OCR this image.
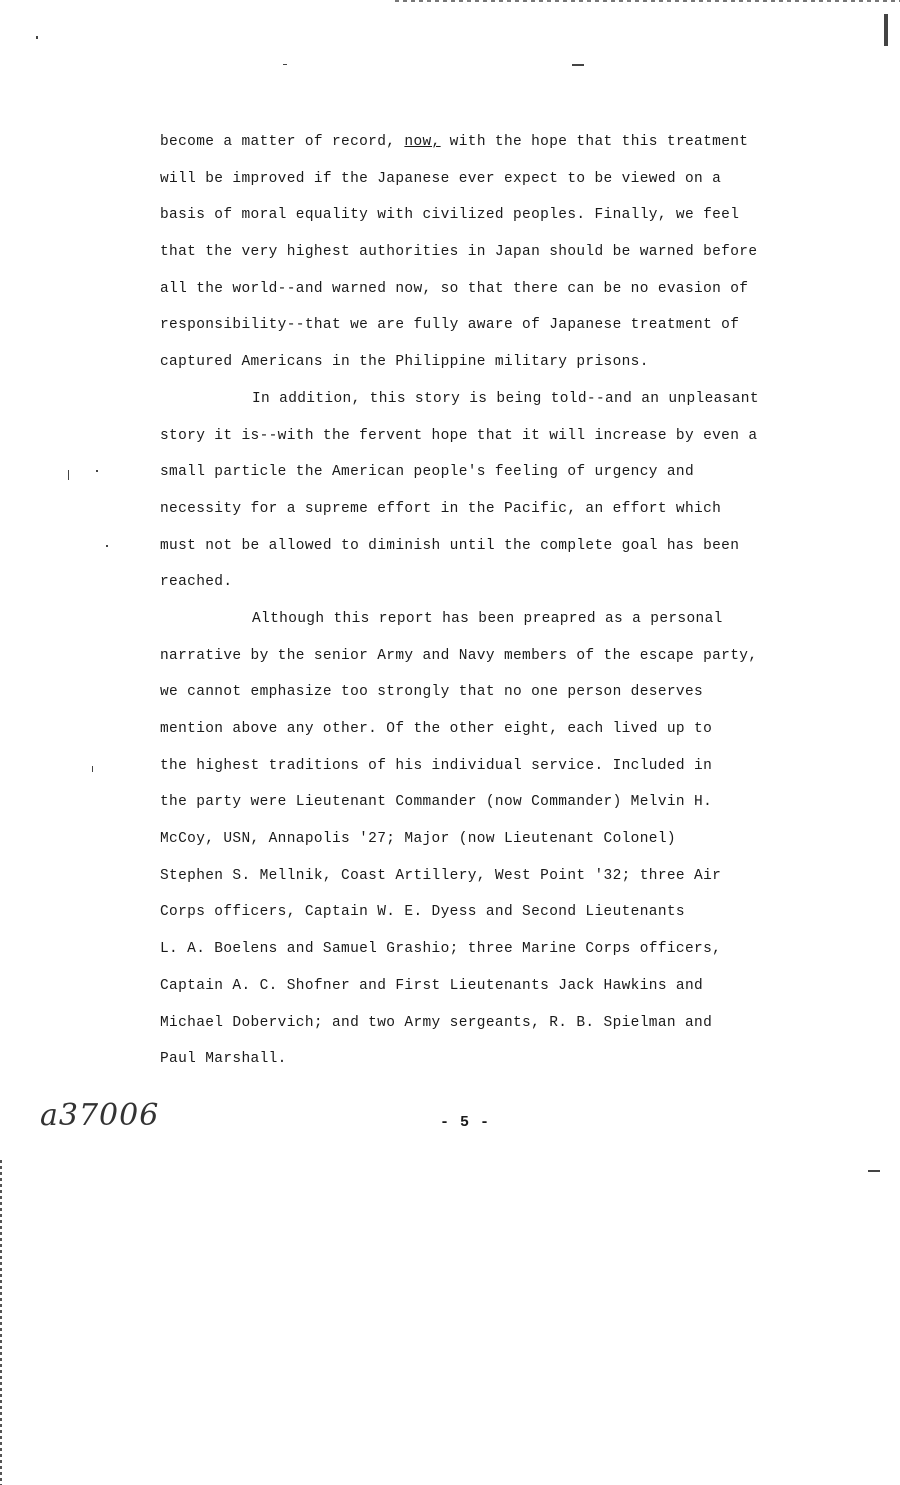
become a matter of record, now, with the hope that this treatment
will be improved if the Japanese ever expect to be viewed on a
basis of moral equality with civilized peoples. Finally, we feel
that the very highest authorities in Japan should be warned before
all the world--and warned now, so that there can be no evasion of
responsibility--that we are fully aware of Japanese treatment of
captured Americans in the Philippine military prisons.
In addition, this story is being told--and an unpleasant
story it is--with the fervent hope that it will increase by even a
small particle the American people's feeling of urgency and
necessity for a supreme effort in the Pacific, an effort which
must not be allowed to diminish until the complete goal has been
reached.
Although this report has been preapred as a personal
narrative by the senior Army and Navy members of the escape party,
we cannot emphasize too strongly that no one person deserves
mention above any other. Of the other eight, each lived up to
the highest traditions of his individual service. Included in
the party were Lieutenant Commander (now Commander) Melvin H.
McCoy, USN, Annapolis '27; Major (now Lieutenant Colonel)
Stephen S. Mellnik, Coast Artillery, West Point '32; three Air
Corps officers, Captain W. E. Dyess and Second Lieutenants
L. A. Boelens and Samuel Grashio; three Marine Corps officers,
Captain A. C. Shofner and First Lieutenants Jack Hawkins and
Michael Dobervich; and two Army sergeants, R. B. Spielman and
Paul Marshall.
- 5 -
a37006
